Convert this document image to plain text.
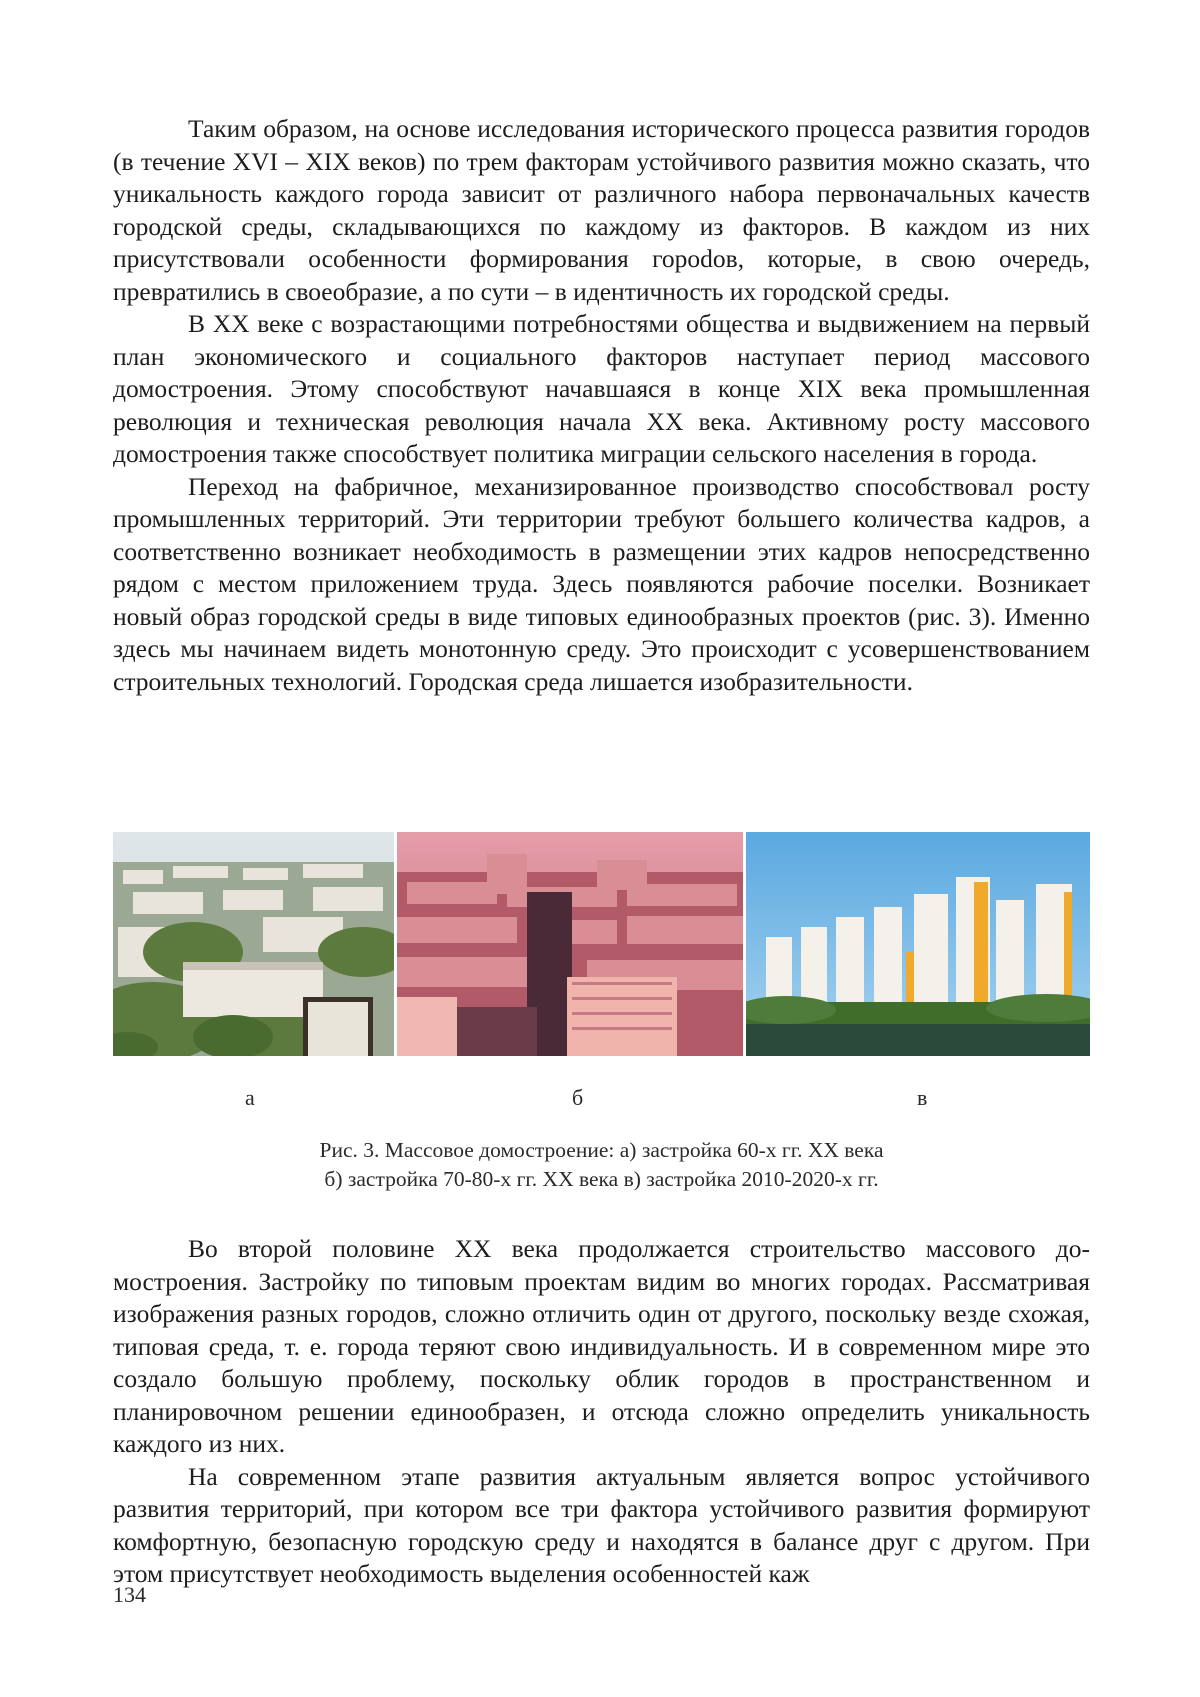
Таким образом, на основе исследования исторического процесса развития городов (в течение XVI – XIX веков) по трем факторам устойчивого развития можно сказать, что уникальность каждого города зависит от различного набора первоначальных качеств городской среды, складывающихся по каждому из факторов. В каждом из них присутствовали особенности формирования гороdов, которые, в свою очередь, превратились в своеобразие, а по сути – в идентичность их городской среды.

В XX веке с возрастающими потребностями общества и выдвижением на первый план экономического и социального факторов наступает период массового домостроения. Этому способствуют начавшаяся в конце XIX века промышленная революция и техническая революция начала XX века. Активному росту массового домостроения также способствует политика миграции сельского населения в города.

Переход на фабричное, механизированное производство способствовал росту промышленных территорий. Эти территории требуют большего количества кадров, а соответственно возникает необходимость в размещении этих кадров непосредственно рядом с местом приложением труда. Здесь появляются рабочие поселки. Возникает новый образ городской среды в виде типовых единообразных проектов (рис. 3). Именно здесь мы начинаем видеть монотонную среду. Это происходит с усовершенствованием строительных технологий. Городская среда лишается изобразительности.

а	б	в
Рис. 3. Массовое домостроение: а) застройка 60-х гг. XX века
б) застройка 70-80-х гг. XX века в) застройка 2010-2020-х гг.

Во второй половине XX века продолжается строительство массового домостроения. Застройку по типовым проектам видим во многих городах. Рассматривая изображения разных городов, сложно отличить один от другого, поскольку везде схожая, типовая среда, т. е. города теряют свою индивидуальность. И в современном мире это создало большую проблему, поскольку облик городов в пространственном и планировочном решении единообразен, и отсюда сложно определить уникальность каждого из них.

На современном этапе развития актуальным является вопрос устойчивого развития территорий, при котором все три фактора устойчивого развития формируют комфортную, безопасную городскую среду и находятся в балансе друг с другом. При этом присутствует необходимость выделения особенностей каж

134
